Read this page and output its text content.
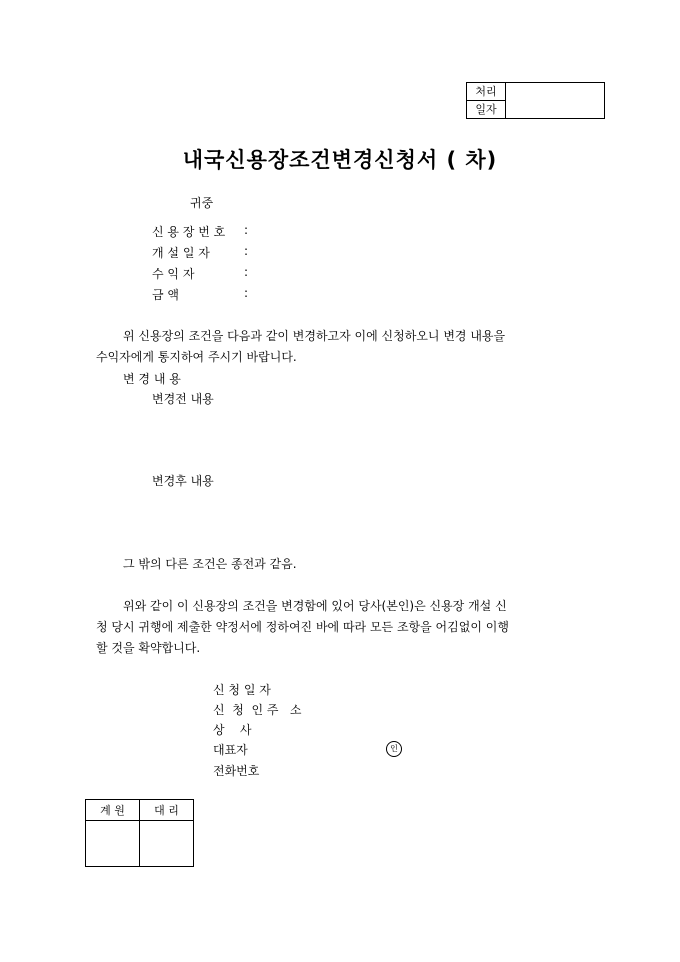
처리	
일자
내국신용장조건변경신청서 ( 차)
귀중
신 용 장 번 호 :
개 설 일 자	:
수 익 자	:
금 액	:
위 신용장의 조건을 다음과 같이 변경하고자 이에 신청하오니 변경 내용을
수익자에게 통지하여 주시기 바랍니다.
변 경 내 용
변경전 내용
변경후 내용
그 밖의 다른 조건은 종전과 같음.
위와 같이 이 신용장의 조건을 변경함에 있어 당사(본인)은 신용장 개설 신
청 당시 귀행에 제출한 약정서에 정하여진 바에 따라 모든 조항을 어김없이 이행
할 것을 확약합니다.
신 청 일 자
신  청  인 주   소
상    사
대표자	인
전화번호
계 원	대 리
